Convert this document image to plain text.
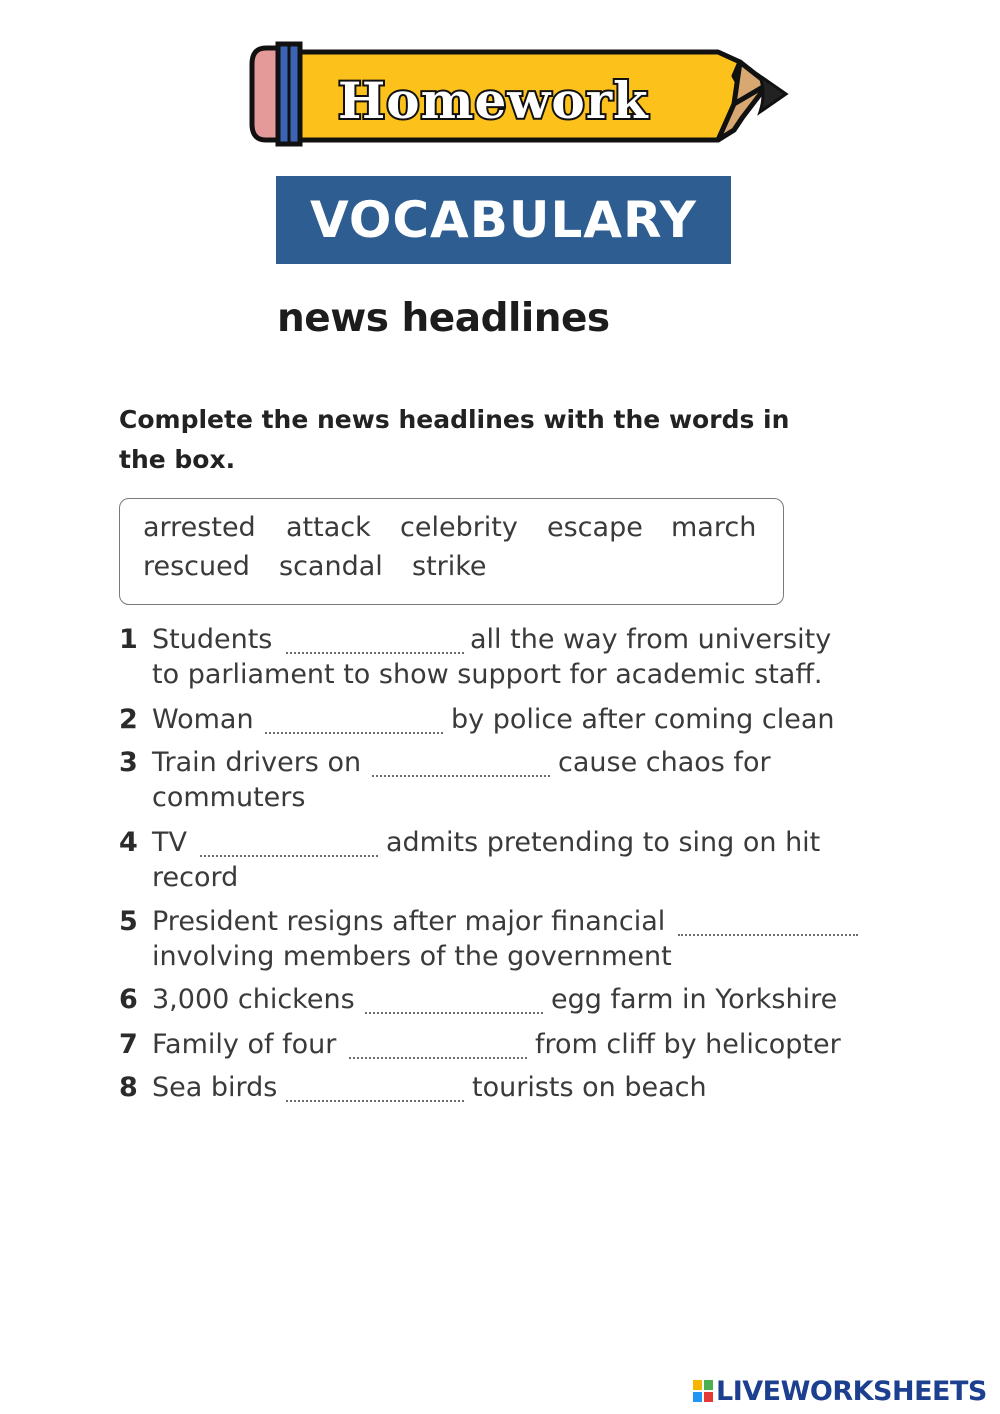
Homework
VOCABULARY
news headlines
Complete the news headlines with the words in
the box.
arrested attack celebrity escape march
rescued scandal strike
1 Students	all the way from university
to parliament to show support for academic staff.
2 Woman	by police after coming clean
3 Train drivers on	cause chaos for
commuters
4 TV	admits pretending to sing on hit
record
5 President resigns after major financial
involving members of the government
6 3,000 chickens	egg farm in Yorkshire
7 Family of four	from cliff by helicopter
8 Sea birds	tourists on beach
LIVEWORKSHEETS
